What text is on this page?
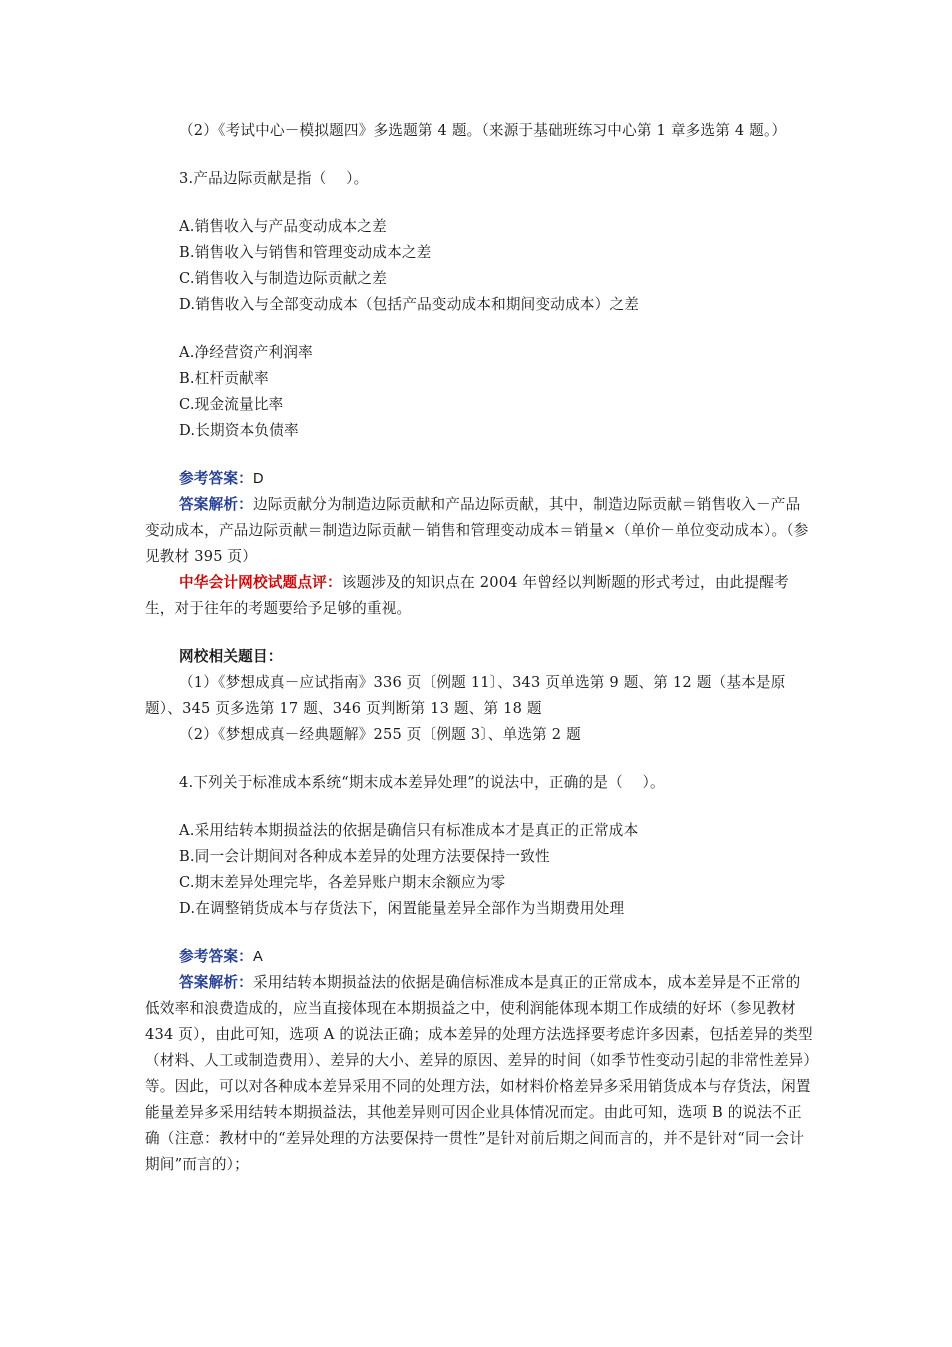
（2）《考试中心－模拟题四》多选题第 4 题。（来源于基础班练习中心第 1 章多选第 4 题。）

3.产品边际贡献是指（　 ）。

A.销售收入与产品变动成本之差

B.销售收入与销售和管理变动成本之差

C.销售收入与制造边际贡献之差

D.销售收入与全部变动成本（包括产品变动成本和期间变动成本）之差

A.净经营资产利润率

B.杠杆贡献率

C.现金流量比率

D.长期资本负债率

参考答案：D

答案解析：边际贡献分为制造边际贡献和产品边际贡献，其中，制造边际贡献＝销售收入－产品变动成本，产品边际贡献＝制造边际贡献－销售和管理变动成本＝销量×（单价－单位变动成本）。（参见教材 395 页）

中华会计网校试题点评：该题涉及的知识点在 2004 年曾经以判断题的形式考过，由此提醒考生，对于往年的考题要给予足够的重视。

网校相关题目：

（1）《梦想成真－应试指南》336 页〔例题 11〕、343 页单选第 9 题、第 12 题（基本是原题）、345 页多选第 17 题、346 页判断第 13 题、第 18 题

（2）《梦想成真－经典题解》255 页〔例题 3〕、单选第 2 题

4.下列关于标准成本系统“期末成本差异处理”的说法中，正确的是（　 ）。

A.采用结转本期损益法的依据是确信只有标准成本才是真正的正常成本

B.同一会计期间对各种成本差异的处理方法要保持一致性

C.期末差异处理完毕，各差异账户期末余额应为零

D.在调整销货成本与存货法下，闲置能量差异全部作为当期费用处理

参考答案：A

答案解析：采用结转本期损益法的依据是确信标准成本是真正的正常成本，成本差异是不正常的低效率和浪费造成的，应当直接体现在本期损益之中，使利润能体现本期工作成绩的好坏（参见教材 434 页），由此可知，选项 A 的说法正确；成本差异的处理方法选择要考虑许多因素，包括差异的类型（材料、人工或制造费用）、差异的大小、差异的原因、差异的时间（如季节性变动引起的非常性差异）等。因此，可以对各种成本差异采用不同的处理方法，如材料价格差异多采用销货成本与存货法，闲置能量差异多采用结转本期损益法，其他差异则可因企业具体情况而定。由此可知，选项 B 的说法不正确（注意：教材中的“差异处理的方法要保持一贯性”是针对前后期之间而言的，并不是针对“同一会计期间”而言的）；
